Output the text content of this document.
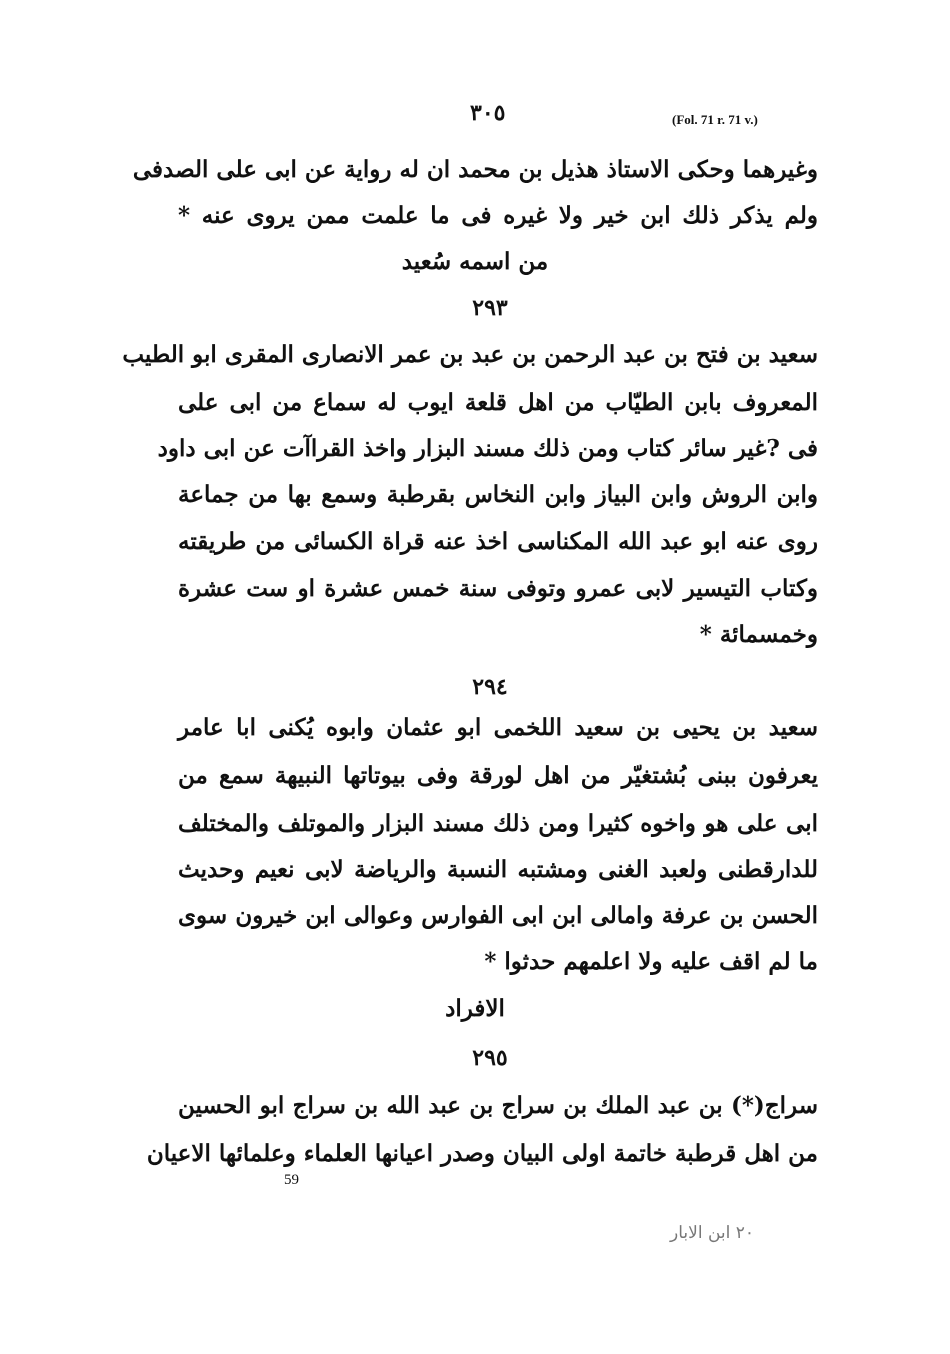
٣٠٥	(Fol. 71 r. 71 v.)
وغيرهما وحكى الاستاذ هذيل بن محمد ان له رواية عن ابى على الصدفى
ولم يذكر ذلك ابن خير ولا غيره فى ما علمت ممن يروى عنه *
من اسمه سُعيد
٢٩٣
سعيد بن فتح بن عبد الرحمن بن عبد بن عمر الانصارى المقرى ابو الطيب
المعروف بابن الطيّاب من اهل قلعة ايوب له سماع من ابى على
فى ?غير سائر كتاب ومن ذلك مسند البزار واخذ القراآت عن ابى داود
وابن الروش وابن البياز وابن النخاس بقرطبة وسمع بها من جماعة
روى عنه ابو عبد الله المكناسى اخذ عنه قراة الكسائى من طريقته
وكتاب التيسير لابى عمرو وتوفى سنة خمس عشرة او ست عشرة
وخمسمائة *
٢٩٤
سعيد بن يحيى بن سعيد اللخمى ابو عثمان وابوه يُكنى ابا عامر
يعرفون ببنى بُشتغيّر من اهل لورقة وفى بيوتاتها النبيهة سمع من
ابى على هو واخوه كثيرا ومن ذلك مسند البزار والموتلف والمختلف
للدارقطنى ولعبد الغنى ومشتبه النسبة والرياضة لابى نعيم وحديث
الحسن بن عرفة وامالى ابن ابى الفوارس وعوالى ابن خيرون سوى
ما لم اقف عليه ولا اعلمهم حدثوا *
الافراد
٢٩٥
سراج(*) بن عبد الملك بن سراج بن عبد الله بن سراج ابو الحسين
من اهل قرطبة خاتمة اولى البيان وصدر اعيانها العلماء وعلمائها الاعيان
59
٢٠ ابن الابار
